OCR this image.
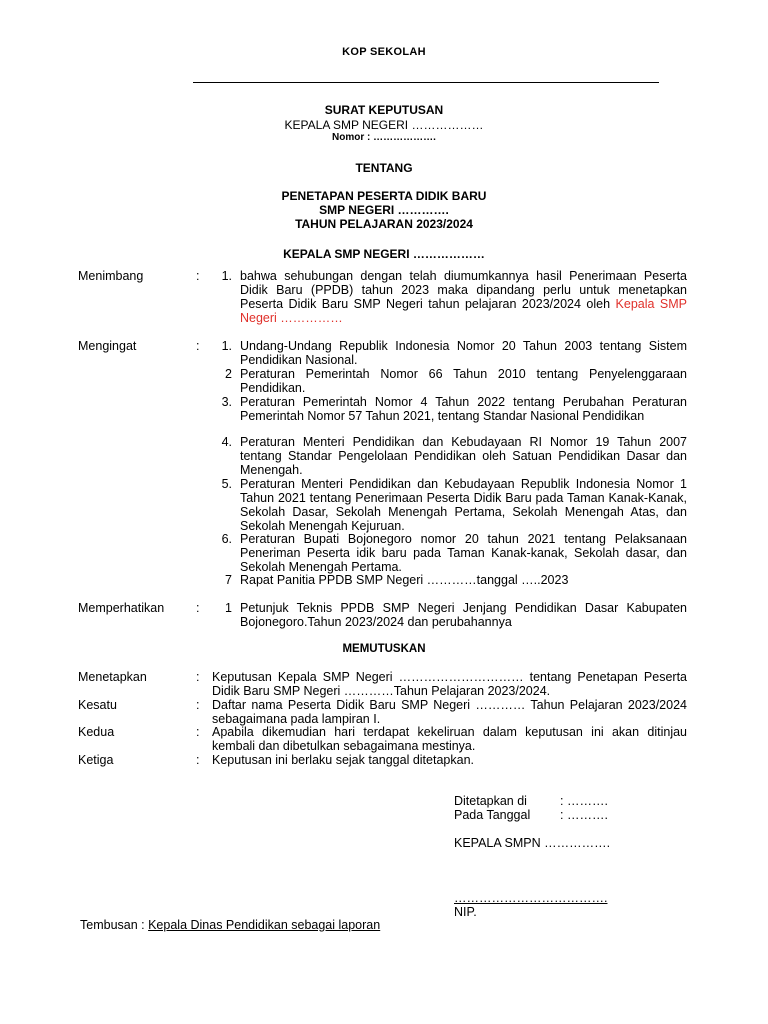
KOP SEKOLAH
SURAT KEPUTUSAN
KEPALA SMP NEGERI ………………
Nomor : ……………….
TENTANG
PENETAPAN PESERTA DIDIK BARU
SMP NEGERI ………….
TAHUN PELAJARAN 2023/2024
KEPALA SMP NEGERI ………………
Menimbang	:	1. bahwa sehubungan dengan telah diumumkannya hasil Penerimaan Peserta Didik Baru (PPDB) tahun 2023 maka dipandang perlu untuk menetapkan Peserta Didik Baru SMP Negeri tahun pelajaran 2023/2024 oleh Kepala SMP Negeri ……………
Mengingat	:	1. Undang-Undang Republik Indonesia Nomor 20 Tahun 2003 tentang Sistem Pendidikan Nasional.
2 Peraturan Pemerintah Nomor 66 Tahun 2010 tentang Penyelenggaraan Pendidikan.
3. Peraturan Pemerintah Nomor 4 Tahun 2022 tentang Perubahan Peraturan Pemerintah Nomor 57 Tahun 2021, tentang Standar Nasional Pendidikan
4. Peraturan Menteri Pendidikan dan Kebudayaan RI Nomor 19 Tahun 2007 tentang Standar Pengelolaan Pendidikan oleh Satuan Pendidikan Dasar dan Menengah.
5. Peraturan Menteri Pendidikan dan Kebudayaan Republik Indonesia Nomor 1 Tahun 2021 tentang Penerimaan Peserta Didik Baru pada Taman Kanak-Kanak, Sekolah Dasar, Sekolah Menengah Pertama, Sekolah Menengah Atas, dan Sekolah Menengah Kejuruan.
6. Peraturan Bupati Bojonegoro nomor 20 tahun 2021 tentang Pelaksanaan Peneriman Peserta idik baru pada Taman Kanak-kanak, Sekolah dasar, dan Sekolah Menengah Pertama.
7 Rapat Panitia PPDB SMP Negeri …………tanggal …..2023
Memperhatikan	:	1 Petunjuk Teknis PPDB SMP Negeri Jenjang Pendidikan Dasar Kabupaten Bojonegoro.Tahun 2023/2024 dan perubahannya
MEMUTUSKAN
Menetapkan	: Keputusan Kepala SMP Negeri ………………………… tentang Penetapan Peserta Didik Baru SMP Negeri …………Tahun Pelajaran 2023/2024.
Kesatu	: Daftar nama Peserta Didik Baru SMP Negeri ………… Tahun Pelajaran 2023/2024 sebagaimana pada lampiran I.
Kedua	: Apabila dikemudian hari terdapat kekeliruan dalam keputusan ini akan ditinjau kembali dan dibetulkan sebagaimana mestinya.
Ketiga	: Keputusan ini berlaku sejak tanggal ditetapkan.
Ditetapkan di	: ……….
Pada Tanggal : ……….
KEPALA SMPN …………….
……………………………….
NIP.
Tembusan : Kepala Dinas Pendidikan sebagai laporan
